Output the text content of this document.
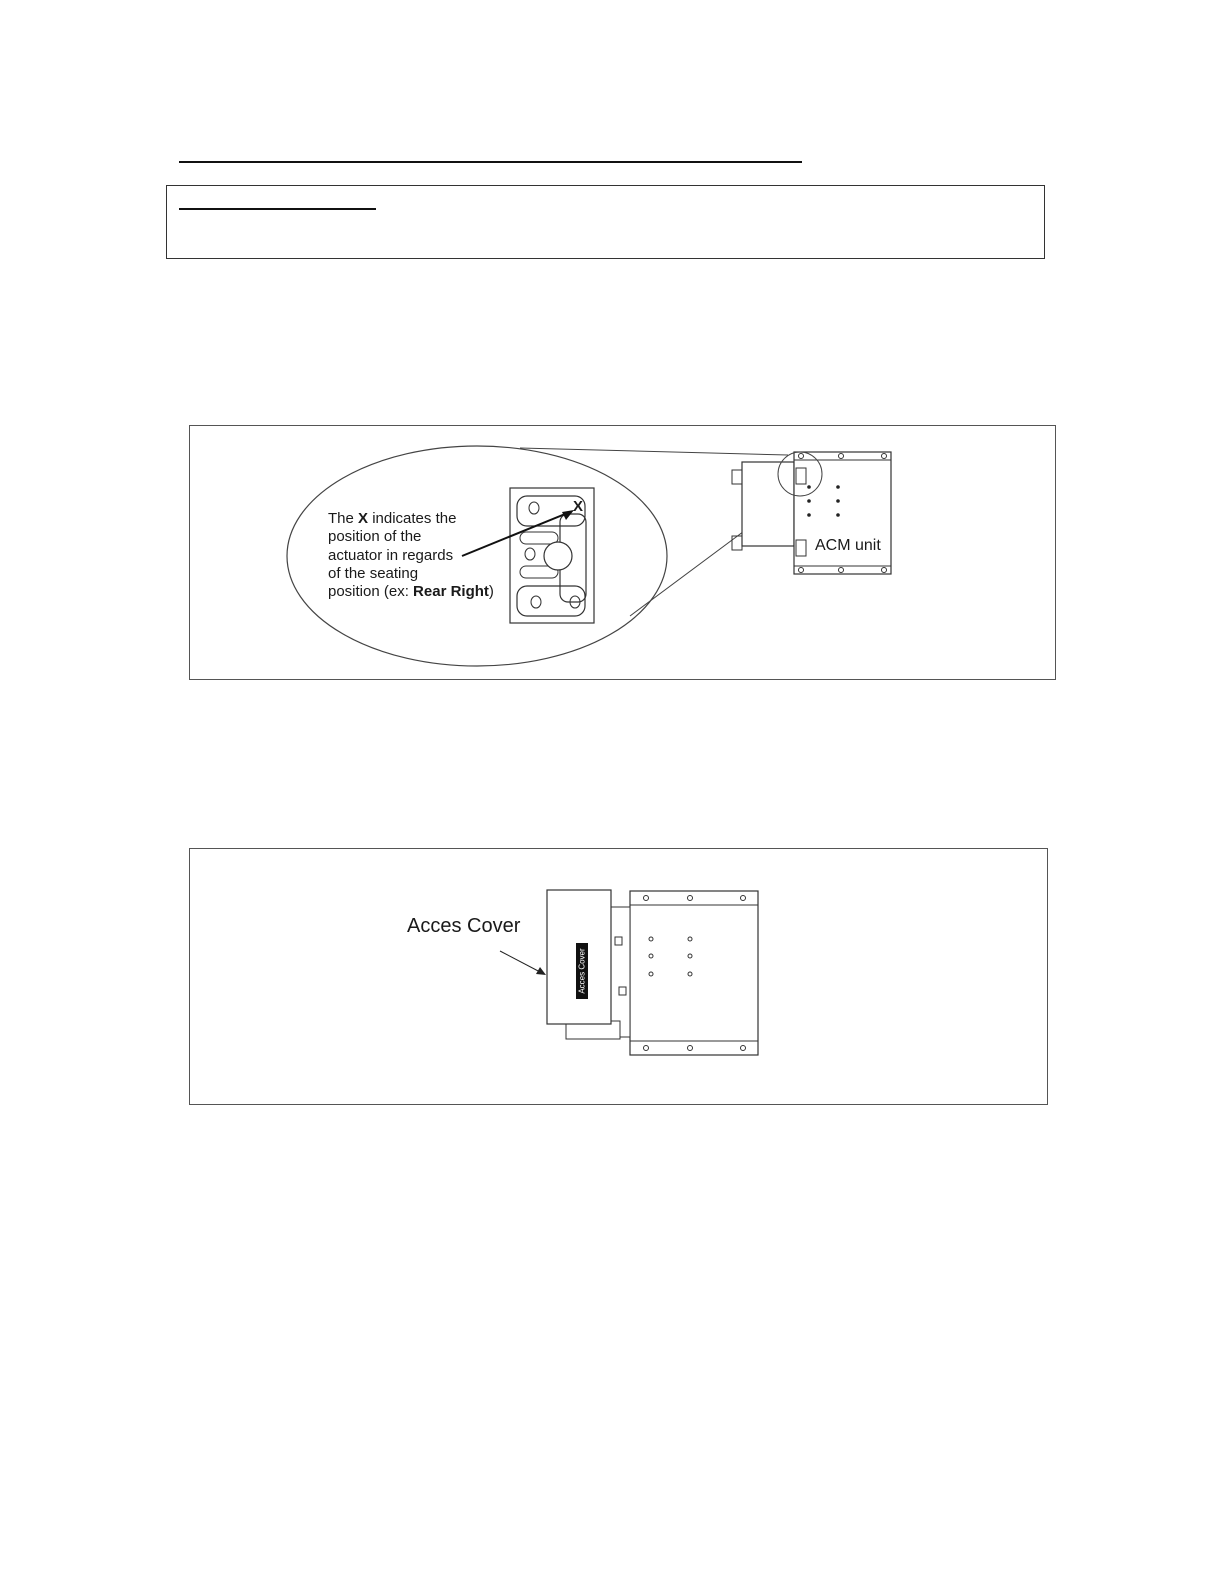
X
The X indicates the
position of the
actuator in regards
of the seating
position (ex: Rear Right)
ACM unit
Acces Cover
Acces Cover
